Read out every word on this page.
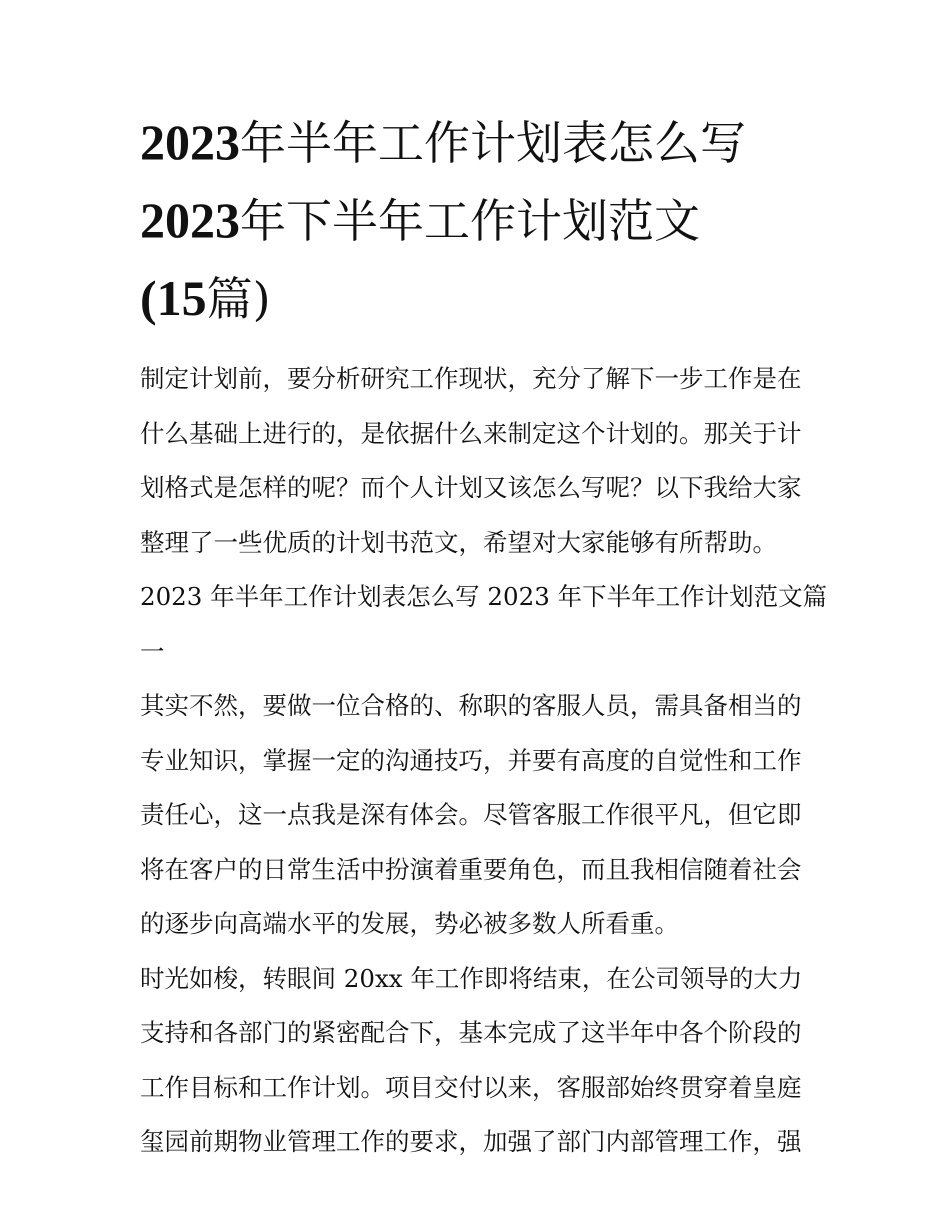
2023年半年工作计划表怎么写
2023年下半年工作计划范文
(15篇)

制定计划前，要分析研究工作现状，充分了解下一步工作是在
什么基础上进行的，是依据什么来制定这个计划的。那关于计
划格式是怎样的呢？而个人计划又该怎么写呢？以下我给大家
整理了一些优质的计划书范文，希望对大家能够有所帮助。

2023 年半年工作计划表怎么写 2023 年下半年工作计划范文篇
一

其实不然，要做一位合格的、称职的客服人员，需具备相当的
专业知识，掌握一定的沟通技巧，并要有高度的自觉性和工作
责任心，这一点我是深有体会。尽管客服工作很平凡，但它即
将在客户的日常生活中扮演着重要角色，而且我相信随着社会
的逐步向高端水平的发展，势必被多数人所看重。

时光如梭，转眼间 20xx 年工作即将结束，在公司领导的大力
支持和各部门的紧密配合下，基本完成了这半年中各个阶段的
工作目标和工作计划。项目交付以来，客服部始终贯穿着皇庭
玺园前期物业管理工作的要求，加强了部门内部管理工作，强
